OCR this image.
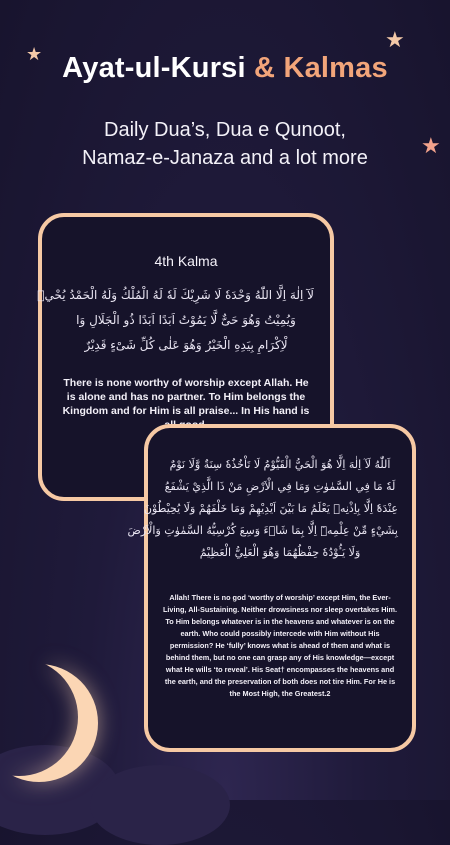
★
★
★
Ayat-ul-Kursi & Kalmas
Daily Dua’s, Dua e Qunoot,
Namaz-e-Janaza and a lot more
4th Kalma
لَآ اِلٰهَ اِلَّا اللّٰهُ وَحْدَهٗ لَا شَرِيْكَ لَهٗ لَهُ الْمُلْكُ وَلَهُ الْحَمْدُ يُحْيٖ
وَيُمِيْتُ وَهُوَ حَیٌّ لَّا يَمُوْتُ اَبَدًا اَبَدًا ذُو الْجَلَالِ وَا
لْاِكْرَامِ بِيَدِهِ الْخَيْرُ وَهُوَ عَلٰى كُلِّ شَیْءٍ قَدِيْرٌ
There is none worthy of worship except Allah. He is alone and has no partner. To Him belongs the Kingdom and for Him is all praise... In His hand is
اَللّٰهُ لَآ اِلٰهَ اِلَّا هُوَ الْحَيُّ الْقَيُّوْمُ لَا تَاْخُذُهٗ سِنَةٌ وَّلَا نَوْمٌ
لَهٗ مَا فِي السَّمٰوٰتِ وَمَا فِي الْاَرْضِ مَنْ ذَا الَّذِيْ يَشْفَعُ
عِنْدَهٗٓ اِلَّا بِاِذْنِهٖ يَعْلَمُ مَا بَيْنَ اَيْدِيْهِمْ وَمَا خَلْفَهُمْ وَلَا يُحِيْطُوْنَ
بِشَيْءٍ مِّنْ عِلْمِهٖٓ اِلَّا بِمَا شَاۤءَ وَسِعَ كُرْسِيُّهُ السَّمٰوٰتِ وَالْاَرْضَ
وَلَا يَـُٔوْدُهٗ حِفْظُهُمَا وَهُوَ الْعَلِيُّ الْعَظِيْمُ
Allah! There is no god ‘worthy of worship’ except Him, the Ever-Living, All-Sustaining. Neither drowsiness nor sleep overtakes Him. To Him belongs whatever is in the heavens and whatever is on the earth. Who could possibly intercede with Him without His permission? He ‘fully’ knows what is ahead of them and what is behind them, but no one can grasp any of His knowledge—except what He wills ‘to reveal’. His Seat† encompasses the heavens and the earth, and the preservation of both does not tire Him. For He is the Most High, the Greatest.2
